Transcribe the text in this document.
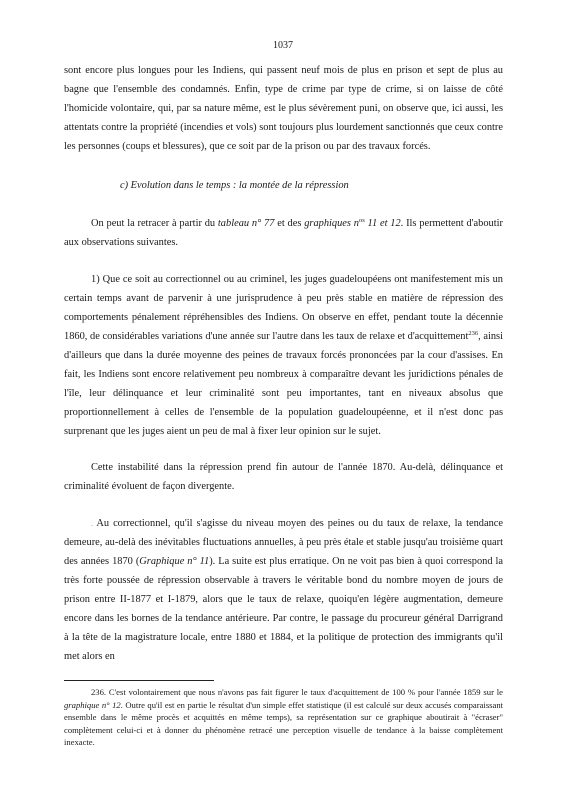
1037

sont encore plus longues pour les Indiens, qui passent neuf mois de plus en prison et sept de plus au bagne que l'ensemble des condamnés. Enfin, type de crime par type de crime, si on laisse de côté l'homicide volontaire, qui, par sa nature même, est le plus sévèrement puni, on observe que, ici aussi, les attentats contre la propriété (incendies et vols) sont toujours plus lourdement sanctionnés que ceux contre les personnes (coups et blessures), que ce soit par de la prison ou par des travaux forcés.

c) Evolution dans le temps : la montée de la répression

On peut la retracer à partir du tableau n° 77 et des graphiques $n^{os}$ 11 et 12. Ils permettent d'aboutir aux observations suivantes.

1) Que ce soit au correctionnel ou au criminel, les juges guadeloupéens ont manifestement mis un certain temps avant de parvenir à une jurisprudence à peu près stable en matière de répression des comportements pénalement répréhensibles des Indiens. On observe en effet, pendant toute la décennie 1860, de considérables variations d'une année sur l'autre dans les taux de relaxe et d'acquittement$^{236}$, ainsi d'ailleurs que dans la durée moyenne des peines de travaux forcés prononcées par la cour d'assises. En fait, les Indiens sont encore relativement peu nombreux à comparaître devant les juridictions pénales de l'île, leur délinquance et leur criminalité sont peu importantes, tant en niveaux absolus que proportionnellement à celles de l'ensemble de la population guadeloupéenne, et il n'est donc pas surprenant que les juges aient un peu de mal à fixer leur opinion sur le sujet.

Cette instabilité dans la répression prend fin autour de l'année 1870. Au-delà, délinquance et criminalité évoluent de façon divergente.

. Au correctionnel, qu'il s'agisse du niveau moyen des peines ou du taux de relaxe, la tendance demeure, au-delà des inévitables fluctuations annuelles, à peu près étale et stable jusqu'au troisième quart des années 1870 (Graphique n° 11). La suite est plus erratique. On ne voit pas bien à quoi correspond la très forte poussée de répression observable à travers le véritable bond du nombre moyen de jours de prison entre II-1877 et I-1879, alors que le taux de relaxe, quoiqu'en légère augmentation, demeure encore dans les bornes de la tendance antérieure. Par contre, le passage du procureur général Darrigrand à la tête de la magistrature locale, entre 1880 et 1884, et la politique de protection des immigrants qu'il met alors en

236. C'est volontairement que nous n'avons pas fait figurer le taux d'acquittement de 100 % pour l'année 1859 sur le graphique n° 12. Outre qu'il est en partie le résultat d'un simple effet statistique (il est calculé sur deux accusés comparaissant ensemble dans le même procès et acquittés en même temps), sa représentation sur ce graphique aboutirait à "écraser" complètement celui-ci et à donner du phénomène retracé une perception visuelle de tendance à la baisse complètement inexacte.
